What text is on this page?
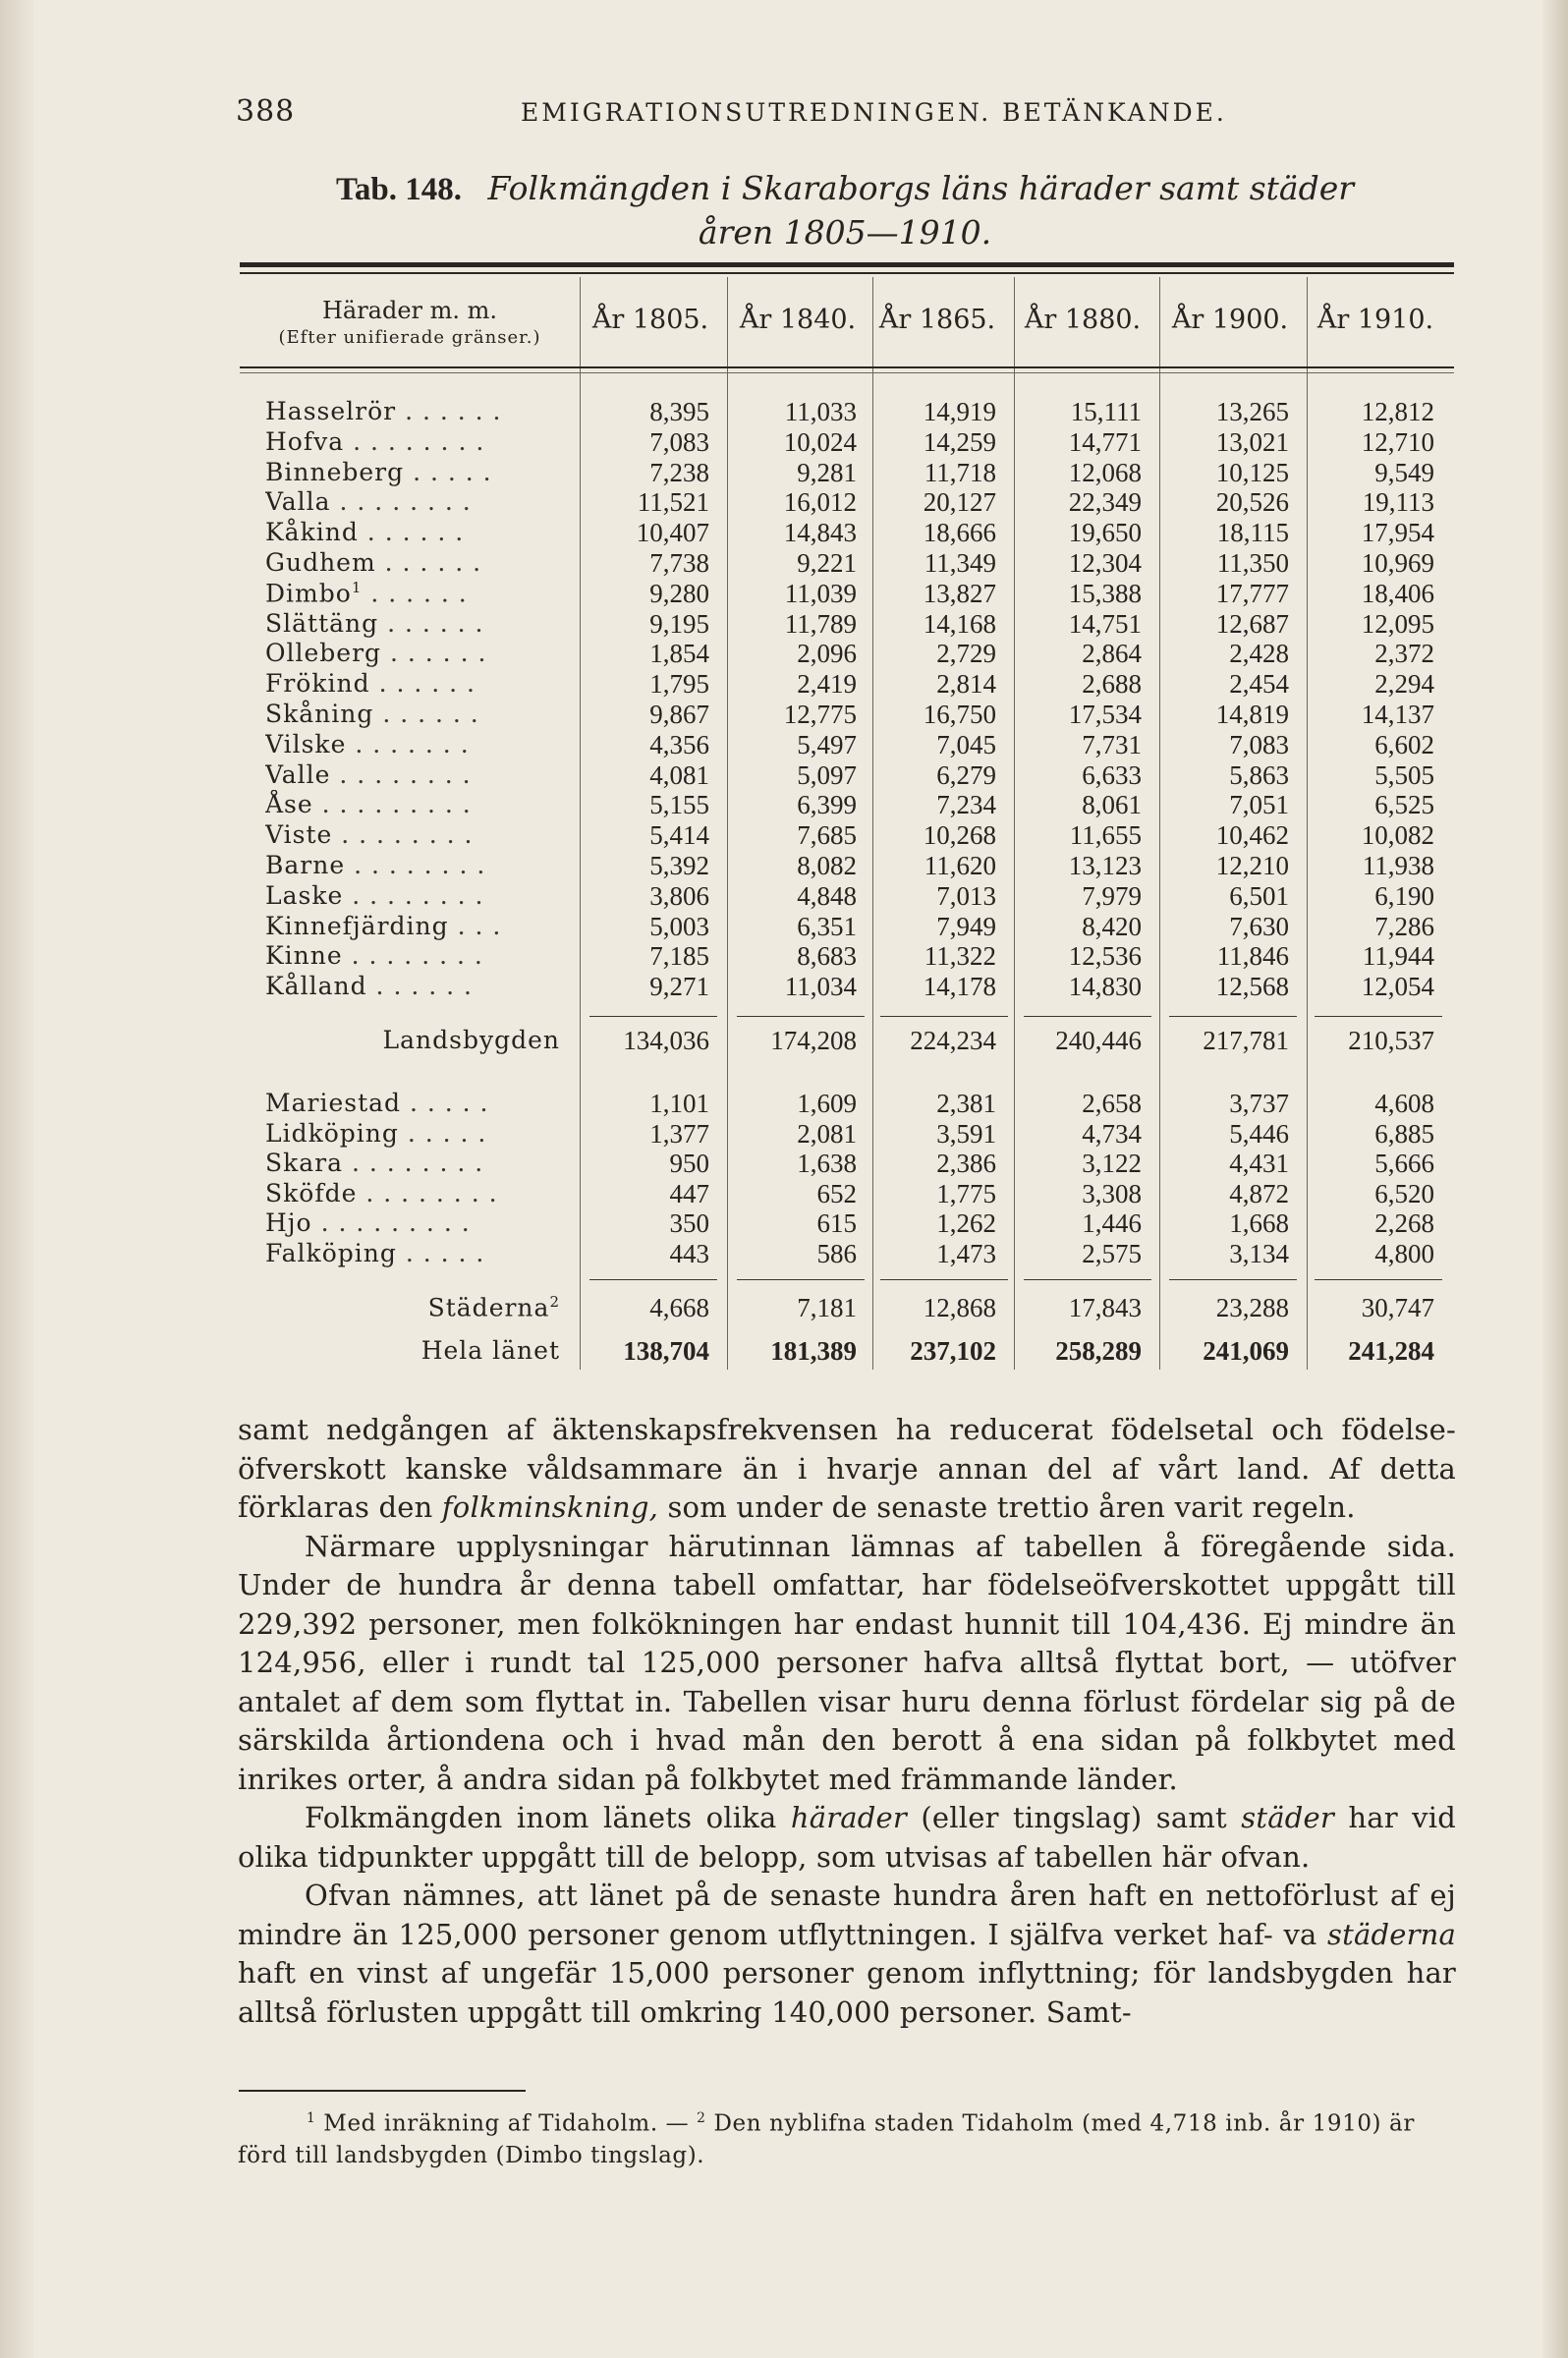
388	EMIGRATIONSUTREDNINGEN. BETÄNKANDE.
Tab. 148. Folkmängden i Skaraborgs läns härader samt städer
åren 1805—1910.
Härader m. m.
(Efter unifierade gränser.)
År 1805.	År 1840. År 1865.	År 1880.	År 1900.	År 1910.
Hasselrör . . . . . .	8,395	11,033	14,919	15,111	13,265	12,812
Hofva . . . . . . . .	7,083	10,024	14,259	14,771	13,021	12,710
Binneberg . . . . .	7,238	9,281	11,718	12,068	10,125	9,549
Valla . . . . . . . .	11,521	16,012	20,127	22,349	20,526	19,113
Kåkind . . . . . .	10,407	14,843	18,666	19,650	18,115	17,954
Gudhem . . . . . .	7,738	9,221	11,349	12,304	11,350	10,969
Dimbo$^1$ . . . . . .	9,280	11,039	13,827	15,388	17,777	18,406
Slättäng . . . . . .	9,195	11,789	14,168	14,751	12,687	12,095
Olleberg . . . . . .	1,854	2,096	2,729	2,864	2,428	2,372
Frökind . . . . . .	1,795	2,419	2,814	2,688	2,454	2,294
Skåning . . . . . .	9,867	12,775	16,750	17,534	14,819	14,137
Vilske . . . . . . .	4,356	5,497	7,045	7,731	7,083	6,602
Valle . . . . . . . .	4,081	5,097	6,279	6,633	5,863	5,505
Åse . . . . . . . . .	5,155	6,399	7,234	8,061	7,051	6,525
Viste . . . . . . . .	5,414	7,685	10,268	11,655	10,462	10,082
Barne . . . . . . . .	5,392	8,082	11,620	13,123	12,210	11,938
Laske . . . . . . . .	3,806	4,848	7,013	7,979	6,501	6,190
Kinnefjärding . . .	5,003	6,351	7,949	8,420	7,630	7,286
Kinne . . . . . . . .	7,185	8,683	11,322	12,536	11,846	11,944
Kålland . . . . . .	9,271	11,034	14,178	14,830	12,568	12,054
Landsbygden	134,036	174,208	224,234	240,446	217,781	210,537
Mariestad . . . . .	1,101	1,609	2,381	2,658	3,737	4,608
Lidköping . . . . .	1,377	2,081	3,591	4,734	5,446	6,885
Skara . . . . . . . .	950	1,638	2,386	3,122	4,431	5,666
Sköfde . . . . . . . .	447	652	1,775	3,308	4,872	6,520
Hjo . . . . . . . . .	350	615	1,262	1,446	1,668	2,268
Falköping . . . . .	443	586	1,473	2,575	3,134	4,800
Städerna$^2$	4,668	7,181	12,868	17,843	23,288	30,747
Hela länet	138,704	181,389	237,102	258,289	241,069	241,284

samt nedgången af äktenskapsfrekvensen ha reducerat födelsetal och födelse- öfverskott kanske våldsammare än i hvarje annan del af vårt land. Af detta förklaras den folkminskning, som under de senaste trettio åren varit regeln.

Närmare upplysningar härutinnan lämnas af tabellen å föregående sida. Under de hundra år denna tabell omfattar, har födelseöfverskottet uppgått till 229,392 personer, men folkökningen har endast hunnit till 104,436. Ej mindre än 124,956, eller i rundt tal 125,000 personer hafva alltså flyttat bort, — utöfver antalet af dem som flyttat in. Tabellen visar huru denna förlust fördelar sig på de särskilda årtiondena och i hvad mån den berott å ena sidan på folkbytet med inrikes orter, å andra sidan på folkbytet med främmande länder.

Folkmängden inom länets olika härader (eller tingslag) samt städer har vid olika tidpunkter uppgått till de belopp, som utvisas af tabellen här ofvan.

Ofvan nämnes, att länet på de senaste hundra åren haft en nettoförlust af ej mindre än 125,000 personer genom utflyttningen. I själfva verket haf- va städerna haft en vinst af ungefär 15,000 personer genom inflyttning; för landsbygden har alltså förlusten uppgått till omkring 140,000 personer. Samt-

$^1$ Med inräkning af Tidaholm. — $^2$ Den nyblifna staden Tidaholm (med 4,718 inb. år 1910) är förd till landsbygden (Dimbo tingslag).
